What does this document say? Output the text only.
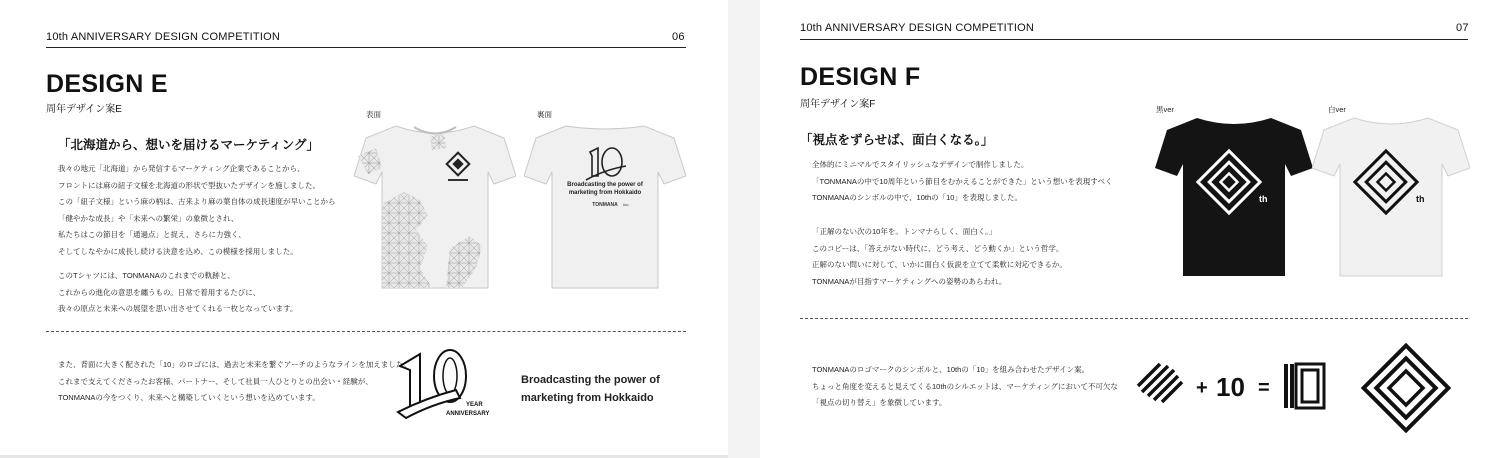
10th ANNIVERSARY DESIGN COMPETITION	06
DESIGN E
周年デザイン案E	表面	裏面
「北海道から、想いを届けるマーケティング」
我々の地元「北海道」から発信するマーケティング企業であることから、
フロントには麻の紐子文様を北海道の形状で型抜いたデザインを施しました。
この「紐子文様」という麻の柄は、古来より麻の葉自体の成長速度が早いことから
「健やかな成長」や「未来への繁栄」の象徴とされ、
私たちはこの節目を「通過点」と捉え、さらに力強く、
そしてしなやかに成長し続ける決意を込め、この模様を採用しました。
このTシャツには、TONMANAのこれまでの軌跡と、
これからの進化の意思を纏うもの。日常で着用するたびに、
我々の原点と未来への展望を思い出させてくれる一枚となっています。
Broadcasting the power of
marketing from Hokkaido
TONMANA Inc.
また、背面に大きく配された「10」のロゴには、過去と未来を繋ぐアーチのようなラインを加えました。
これまで支えてくださったお客様、パートナー、そして社員一人ひとりとの出会い・経験が、
TONMANAの今をつくり、未来へと構築していくという想いを込めています。
YEAR
ANNIVERSARY
Broadcasting the power of
marketing from Hokkaido
10th ANNIVERSARY DESIGN COMPETITION	07
DESIGN F
周年デザイン案F	黒ver	白ver
「視点をずらせば、面白くなる。」
全体的にミニマルでスタイリッシュなデザインで制作しました。
「TONMANAの中で10周年という節目をむかえることができた」という想いを表現すべく
TONMANAのシンボルの中で、10thの「10」を表現しました。
「正解のない次の10年を。トンマナらしく、面白く。」
このコピーは、「答えがない時代に、どう考え、どう動くか」という哲学。
正解のない問いに対して、いかに面白く仮説を立てて柔軟に対応できるか。
TONMANAが目指すマーケティングへの姿勢のあらわれ。
th	th
TONMANAのロゴマークのシンボルと、10thの「10」を組み合わせたデザイン案。
ちょっと角度を変えると見えてくる10thのシルエットは、マーケティングにおいて不可欠な
「視点の切り替え」を象徴しています。
+ 10 =
